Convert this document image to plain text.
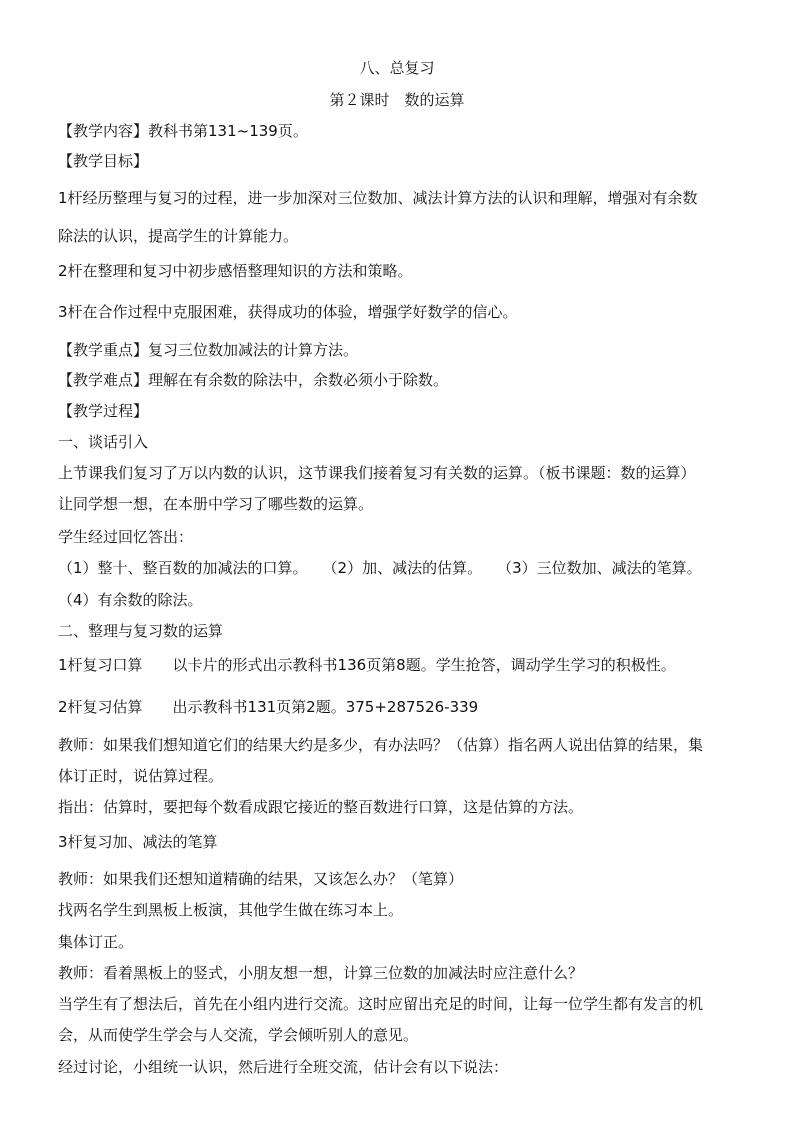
八、总复习
第２课时　数的运算
【教学内容】教科书第131~139页。
【教学目标】
1杆经历整理与复习的过程，进一步加深对三位数加、减法计算方法的认识和理解，增强对有余数
除法的认识，提高学生的计算能力。
2杆在整理和复习中初步感悟整理知识的方法和策略。
3杆在合作过程中克服困难，获得成功的体验，增强学好数学的信心。
【教学重点】复习三位数加减法的计算方法。
【教学难点】理解在有余数的除法中，余数必须小于除数。
【教学过程】
一、谈话引入
上节课我们复习了万以内数的认识，这节课我们接着复习有关数的运算。（板书课题：数的运算）
让同学想一想，在本册中学习了哪些数的运算。
学生经过回忆答出：
（1）整十、整百数的加减法的口算。　　（2）加、减法的估算。　　（3）三位数加、减法的笔算。
（4）有余数的除法。
二、整理与复习数的运算
1杆复习口算　　以卡片的形式出示教科书136页第8题。学生抢答，调动学生学习的积极性。
2杆复习估算　　出示教科书131页第2题。375+287526-339
教师：如果我们想知道它们的结果大约是多少，有办法吗？（估算）指名两人说出估算的结果，集
体订正时，说估算过程。
指出：估算时，要把每个数看成跟它接近的整百数进行口算，这是估算的方法。
3杆复习加、减法的笔算
教师：如果我们还想知道精确的结果，又该怎么办？（笔算）
找两名学生到黑板上板演，其他学生做在练习本上。
集体订正。
教师：看着黑板上的竖式，小朋友想一想，计算三位数的加减法时应注意什么？
当学生有了想法后，首先在小组内进行交流。这时应留出充足的时间，让每一位学生都有发言的机
会，从而使学生学会与人交流，学会倾听别人的意见。
经过讨论，小组统一认识，然后进行全班交流，估计会有以下说法：
